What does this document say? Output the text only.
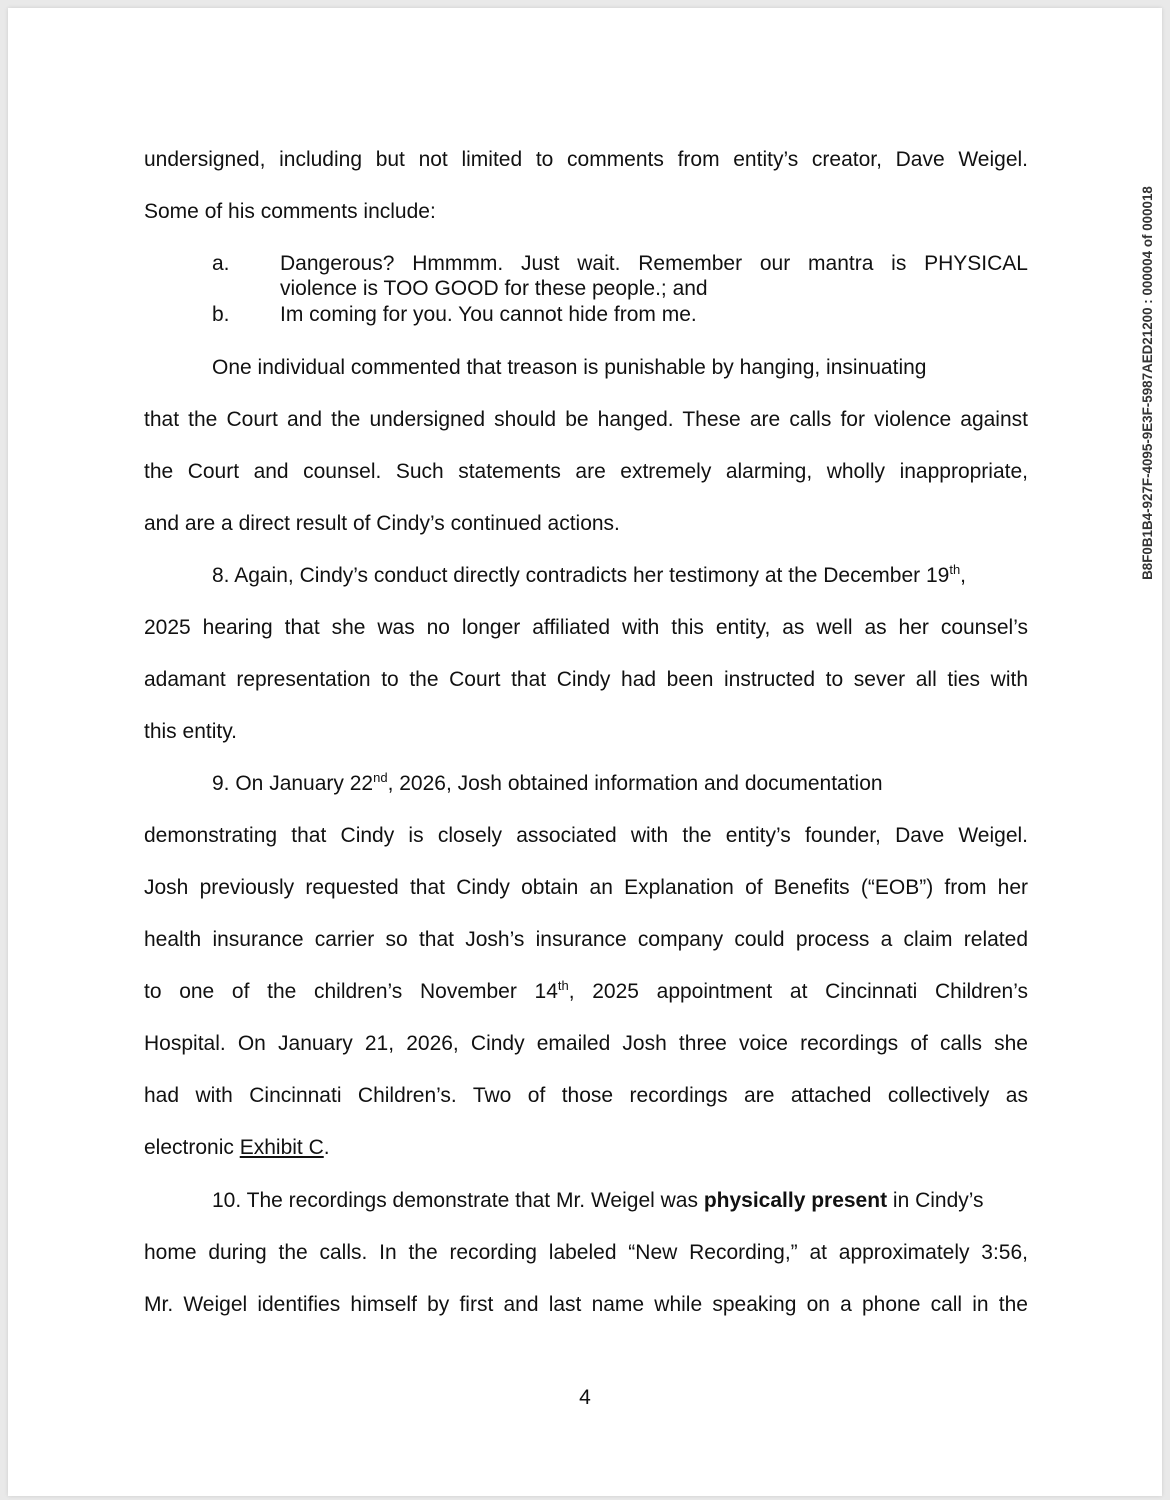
B8F0B1B4-927F-4095-9E3F-5987AED21200 : 000004 of 000018
undersigned, including but not limited to comments from entity’s creator, Dave Weigel.
Some of his comments include:
a. Dangerous? Hmmmm. Just wait. Remember our mantra is PHYSICAL
violence is TOO GOOD for these people.; and
b. Im coming for you. You cannot hide from me.
One individual commented that treason is punishable by hanging, insinuating
that the Court and the undersigned should be hanged. These are calls for violence against
the Court and counsel. Such statements are extremely alarming, wholly inappropriate,
and are a direct result of Cindy’s continued actions.
8. Again, Cindy’s conduct directly contradicts her testimony at the December 19th,
2025 hearing that she was no longer affiliated with this entity, as well as her counsel’s
adamant representation to the Court that Cindy had been instructed to sever all ties with
this entity.
9. On January 22nd, 2026, Josh obtained information and documentation
demonstrating that Cindy is closely associated with the entity’s founder, Dave Weigel.
Josh previously requested that Cindy obtain an Explanation of Benefits (“EOB”) from her
health insurance carrier so that Josh’s insurance company could process a claim related
to one of the children’s November 14th, 2025 appointment at Cincinnati Children’s
Hospital. On January 21, 2026, Cindy emailed Josh three voice recordings of calls she
had with Cincinnati Children’s. Two of those recordings are attached collectively as
electronic Exhibit C.
10. The recordings demonstrate that Mr. Weigel was physically present in Cindy’s
home during the calls. In the recording labeled “New Recording,” at approximately 3:56,
Mr. Weigel identifies himself by first and last name while speaking on a phone call in the
4
